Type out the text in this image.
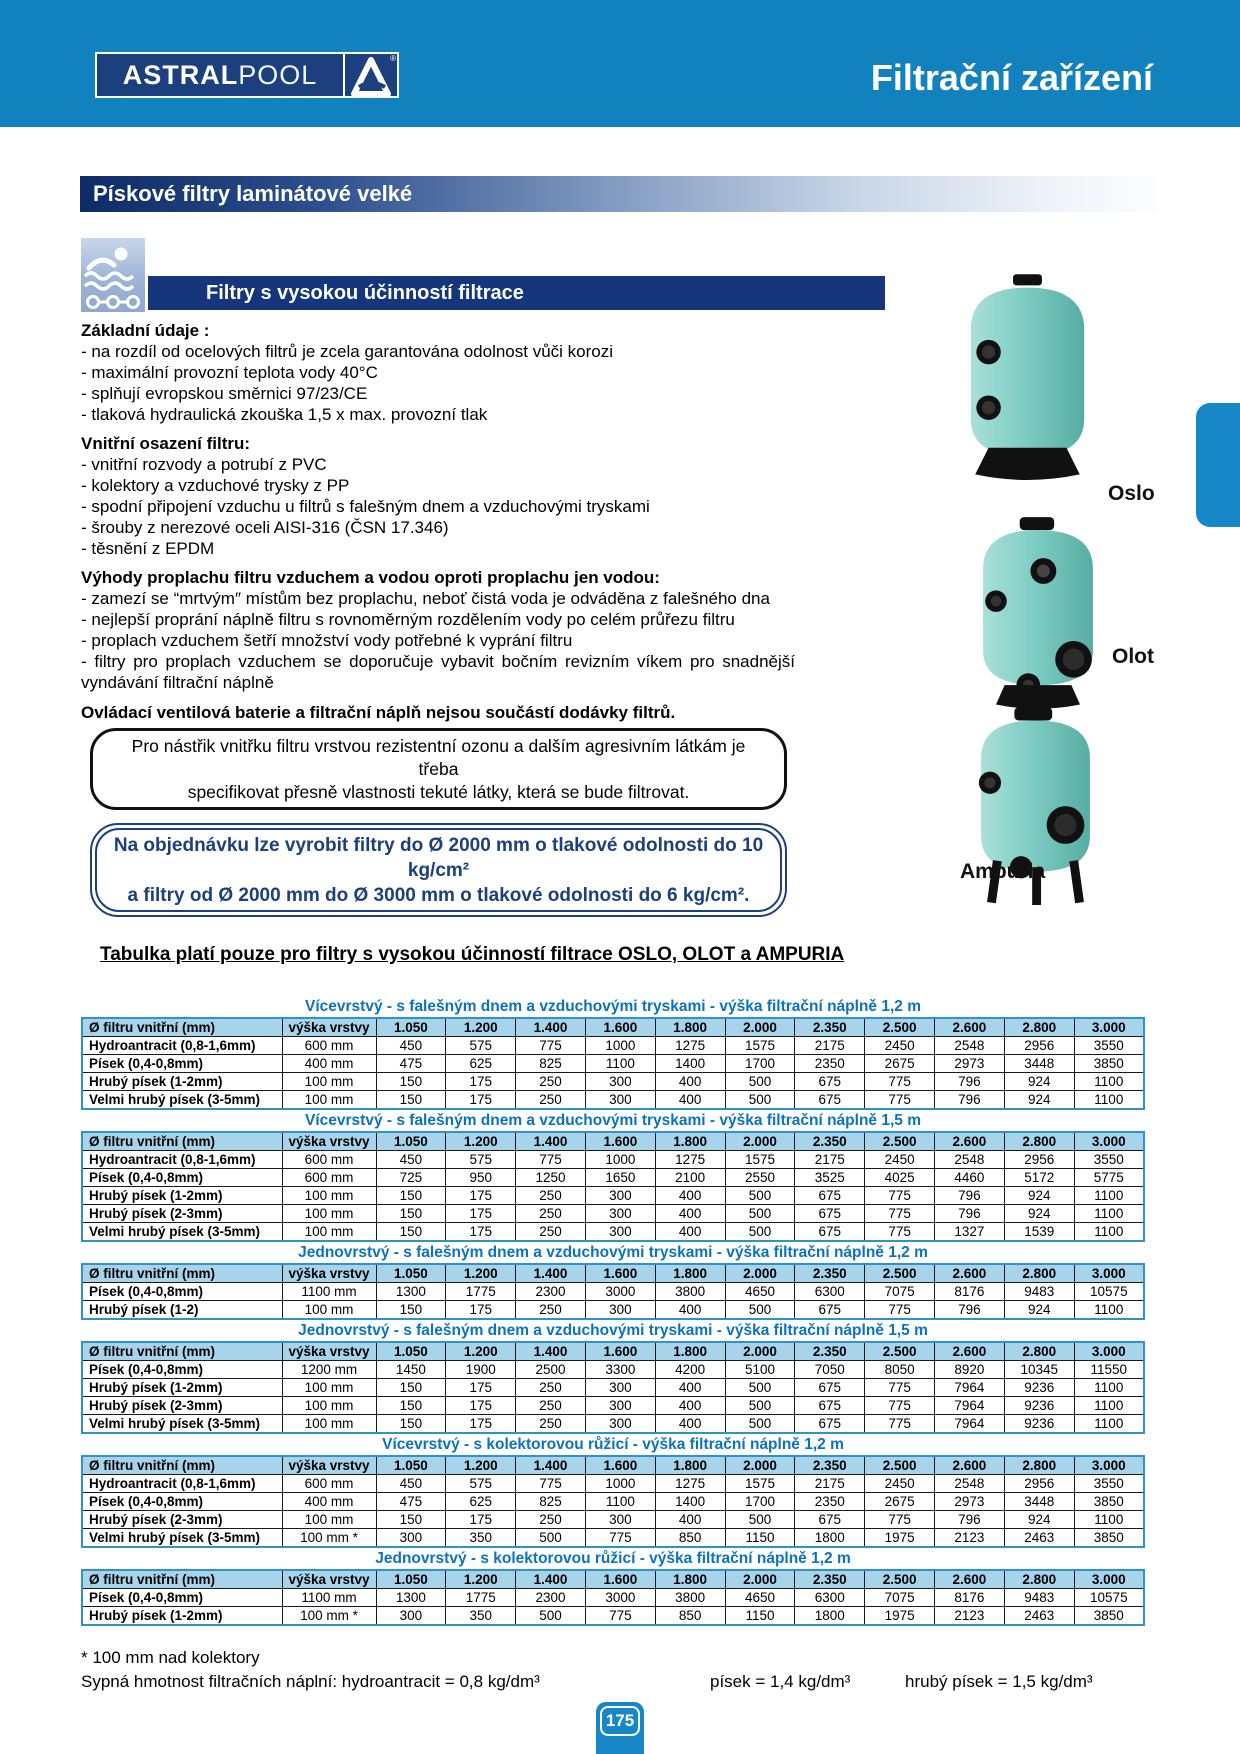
ASTRALPOOL
®	Filtrační zařízení
Pískové filtry laminátové velké
Filtry s vysokou účinností filtrace
Základní údaje :
- na rozdíl od ocelových filtrů je zcela garantována odolnost vůči korozi
- maximální provozní teplota vody 40°C
- splňují evropskou směrnici 97/23/CE
- tlaková hydraulická zkouška 1,5 x max. provozní tlak
Vnitřní osazení filtru:
- vnitřní rozvody a potrubí z PVC
- kolektory a vzduchové trysky z PP
- spodní připojení vzduchu u filtrů s falešným dnem a vzduchovými tryskami
- šrouby z nerezové oceli AISI-316 (ČSN 17.346)
- těsnění z EPDM
Výhody proplachu filtru vzduchem a vodou oproti proplachu jen vodou:
- zamezí se “mrtvým″ místům bez proplachu, neboť čistá voda je odváděna z falešného dna
- nejlepší proprání náplně filtru s rovnoměrným rozdělením vody po celém průřezu filtru
- proplach vzduchem šetří množství vody potřebné k vyprání filtru
- filtry pro proplach vzduchem se doporučuje vybavit bočním revizním víkem pro snadnější vyndávání filtrační náplně
Ovládací ventilová baterie a filtrační náplň nejsou součástí dodávky filtrů.
Pro nástřik vnitřku filtru vrstvou rezistentní ozonu a dalším agresivním látkám je třeba
specifikovat přesně vlastnosti tekuté látky, která se bude filtrovat.
Na objednávku lze vyrobit filtry do Ø 2000 mm o tlakové odolnosti do 10 kg/cm²
a filtry od Ø 2000 mm do Ø 3000 mm o tlakové odolnosti do 6 kg/cm².
Tabulka platí pouze pro filtry s vysokou účinností filtrace OSLO, OLOT a AMPURIA
Oslo
Olot
Ampuria
Vícevrstvý - s falešným dnem a vzduchovými tryskami - výška filtrační náplně 1,2 m
Ø filtru vnitřní (mm)	výška vrstvy	1.050	1.200	1.400	1.600	1.800	2.000	2.350	2.500	2.600	2.800	3.000
Hydroantracit (0,8-1,6mm)	600 mm	450	575	775	1000	1275	1575	2175	2450	2548	2956	3550
Písek (0,4-0,8mm)	400 mm	475	625	825	1100	1400	1700	2350	2675	2973	3448	3850
Hrubý písek (1-2mm)	100 mm	150	175	250	300	400	500	675	775	796	924	1100
Velmi hrubý písek (3-5mm)	100 mm	150	175	250	300	400	500	675	775	796	924	1100
Vícevrstvý - s falešným dnem a vzduchovými tryskami - výška filtrační náplně 1,5 m
Ø filtru vnitřní (mm)	výška vrstvy	1.050	1.200	1.400	1.600	1.800	2.000	2.350	2.500	2.600	2.800	3.000
Hydroantracit (0,8-1,6mm)	600 mm	450	575	775	1000	1275	1575	2175	2450	2548	2956	3550
Písek (0,4-0,8mm)	600 mm	725	950	1250	1650	2100	2550	3525	4025	4460	5172	5775
Hrubý písek (1-2mm)	100 mm	150	175	250	300	400	500	675	775	796	924	1100
Hrubý písek (2-3mm)	100 mm	150	175	250	300	400	500	675	775	796	924	1100
Velmi hrubý písek (3-5mm)	100 mm	150	175	250	300	400	500	675	775	1327	1539	1100
Jednovrstvý - s falešným dnem a vzduchovými tryskami - výška filtrační náplně 1,2 m
Ø filtru vnitřní (mm)	výška vrstvy	1.050	1.200	1.400	1.600	1.800	2.000	2.350	2.500	2.600	2.800	3.000
Písek (0,4-0,8mm)	1100 mm	1300	1775	2300	3000	3800	4650	6300	7075	8176	9483	10575
Hrubý písek (1-2)	100 mm	150	175	250	300	400	500	675	775	796	924	1100
Jednovrstvý - s falešným dnem a vzduchovými tryskami - výška filtrační náplně 1,5 m
Ø filtru vnitřní (mm)	výška vrstvy	1.050	1.200	1.400	1.600	1.800	2.000	2.350	2.500	2.600	2.800	3.000
Písek (0,4-0,8mm)	1200 mm	1450	1900	2500	3300	4200	5100	7050	8050	8920	10345	11550
Hrubý písek (1-2mm)	100 mm	150	175	250	300	400	500	675	775	7964	9236	1100
Hrubý písek (2-3mm)	100 mm	150	175	250	300	400	500	675	775	7964	9236	1100
Velmi hrubý písek (3-5mm)	100 mm	150	175	250	300	400	500	675	775	7964	9236	1100
Vícevrstvý - s kolektorovou růžicí - výška filtrační náplně 1,2 m
Ø filtru vnitřní (mm)	výška vrstvy	1.050	1.200	1.400	1.600	1.800	2.000	2.350	2.500	2.600	2.800	3.000
Hydroantracit (0,8-1,6mm)	600 mm	450	575	775	1000	1275	1575	2175	2450	2548	2956	3550
Písek (0,4-0,8mm)	400 mm	475	625	825	1100	1400	1700	2350	2675	2973	3448	3850
Hrubý písek (2-3mm)	100 mm	150	175	250	300	400	500	675	775	796	924	1100
Velmi hrubý písek (3-5mm)	100 mm *	300	350	500	775	850	1150	1800	1975	2123	2463	3850
Jednovrstvý - s kolektorovou růžicí - výška filtrační náplně 1,2 m
Ø filtru vnitřní (mm)	výška vrstvy	1.050	1.200	1.400	1.600	1.800	2.000	2.350	2.500	2.600	2.800	3.000
Písek (0,4-0,8mm)	1100 mm	1300	1775	2300	3000	3800	4650	6300	7075	8176	9483	10575
Hrubý písek (1-2mm)	100 mm *	300	350	500	775	850	1150	1800	1975	2123	2463	3850
* 100 mm nad kolektory
Sypná hmotnost filtračních náplní: hydroantracit = 0,8 kg/dm³	písek = 1,4 kg/dm³	hrubý písek = 1,5 kg/dm³
175
